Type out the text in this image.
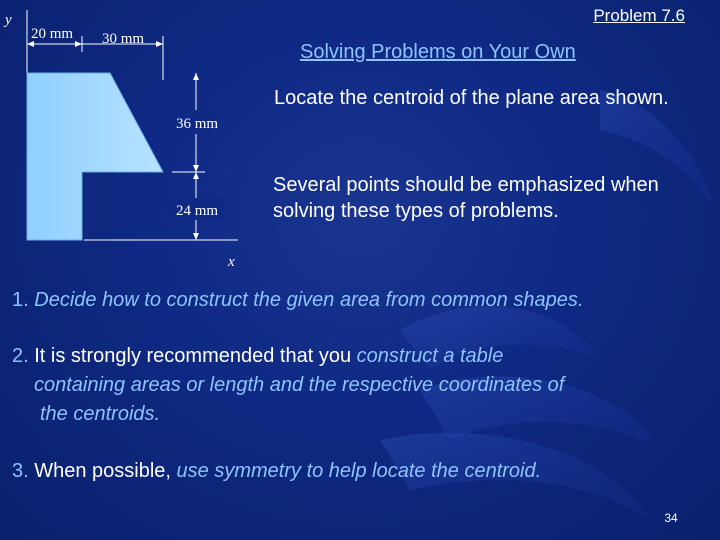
y
x
20 mm 30 mm
36 mm
24 mm
Problem 7.6
Solving Problems on Your Own
Locate the centroid of the plane area shown.
Several points should be emphasized when solving these types of problems.
1. Decide how to construct the given area from common shapes.
2. It is strongly recommended that you construct a table
containing areas or length and the respective coordinates of
the centroids.
3. When possible, use symmetry to help locate the centroid.
34
